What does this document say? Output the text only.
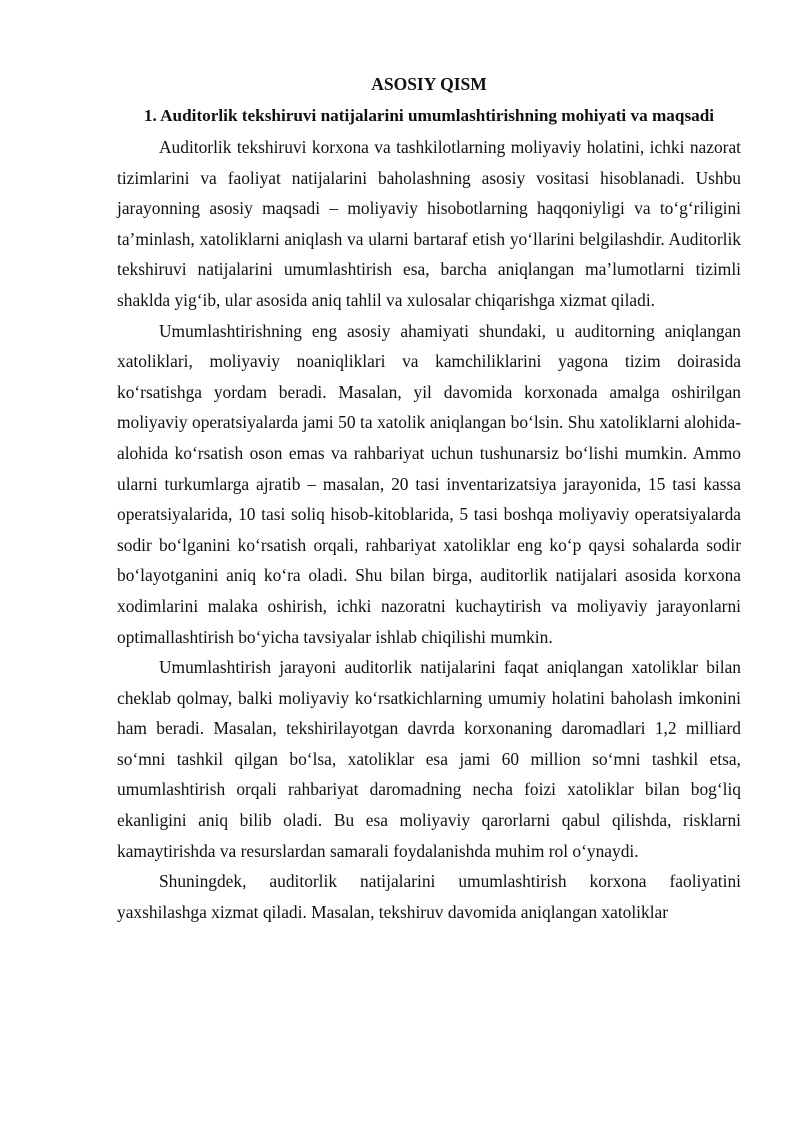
ASOSIY QISM
1. Auditorlik tekshiruvi natijalarini umumlashtirishning mohiyati va maqsadi

Auditorlik tekshiruvi korxona va tashkilotlarning moliyaviy holatini, ichki nazorat tizimlarini va faoliyat natijalarini baholashning asosiy vositasi hisoblanadi. Ushbu jarayonning asosiy maqsadi – moliyaviy hisobotlarning haqqoniyligi va to‘g‘riligini ta’minlash, xatoliklarni aniqlash va ularni bartaraf etish yo‘llarini belgilashdir. Auditorlik tekshiruvi natijalarini umumlashtirish esa, barcha aniqlangan ma’lumotlarni tizimli shaklda yig‘ib, ular asosida aniq tahlil va xulosalar chiqarishga xizmat qiladi.

Umumlashtirishning eng asosiy ahamiyati shundaki, u auditorning aniqlangan xatoliklari, moliyaviy noaniqliklari va kamchiliklarini yagona tizim doirasida ko‘rsatishga yordam beradi. Masalan, yil davomida korxonada amalga oshirilgan moliyaviy operatsiyalarda jami 50 ta xatolik aniqlangan bo‘lsin. Shu xatoliklarni alohida-alohida ko‘rsatish oson emas va rahbariyat uchun tushunarsiz bo‘lishi mumkin. Ammo ularni turkumlarga ajratib – masalan, 20 tasi inventarizatsiya jarayonida, 15 tasi kassa operatsiyalarida, 10 tasi soliq hisob-kitoblarida, 5 tasi boshqa moliyaviy operatsiyalarda sodir bo‘lganini ko‘rsatish orqali, rahbariyat xatoliklar eng ko‘p qaysi sohalarda sodir bo‘layotganini aniq ko‘ra oladi. Shu bilan birga, auditorlik natijalari asosida korxona xodimlarini malaka oshirish, ichki nazoratni kuchaytirish va moliyaviy jarayonlarni optimallashtirish bo‘yicha tavsiyalar ishlab chiqilishi mumkin.

Umumlashtirish jarayoni auditorlik natijalarini faqat aniqlangan xatoliklar bilan cheklab qolmay, balki moliyaviy ko‘rsatkichlarning umumiy holatini baholash imkonini ham beradi. Masalan, tekshirilayotgan davrda korxonaning daromadlari 1,2 milliard so‘mni tashkil qilgan bo‘lsa, xatoliklar esa jami 60 million so‘mni tashkil etsa, umumlashtirish orqali rahbariyat daromadning necha foizi xatoliklar bilan bog‘liq ekanligini aniq bilib oladi. Bu esa moliyaviy qarorlarni qabul qilishda, risklarni kamaytirishda va resurslardan samarali foydalanishda muhim rol o‘ynaydi.

Shuningdek, auditorlik natijalarini umumlashtirish korxona faoliyatini yaxshilashga xizmat qiladi. Masalan, tekshiruv davomida aniqlangan xatoliklar
